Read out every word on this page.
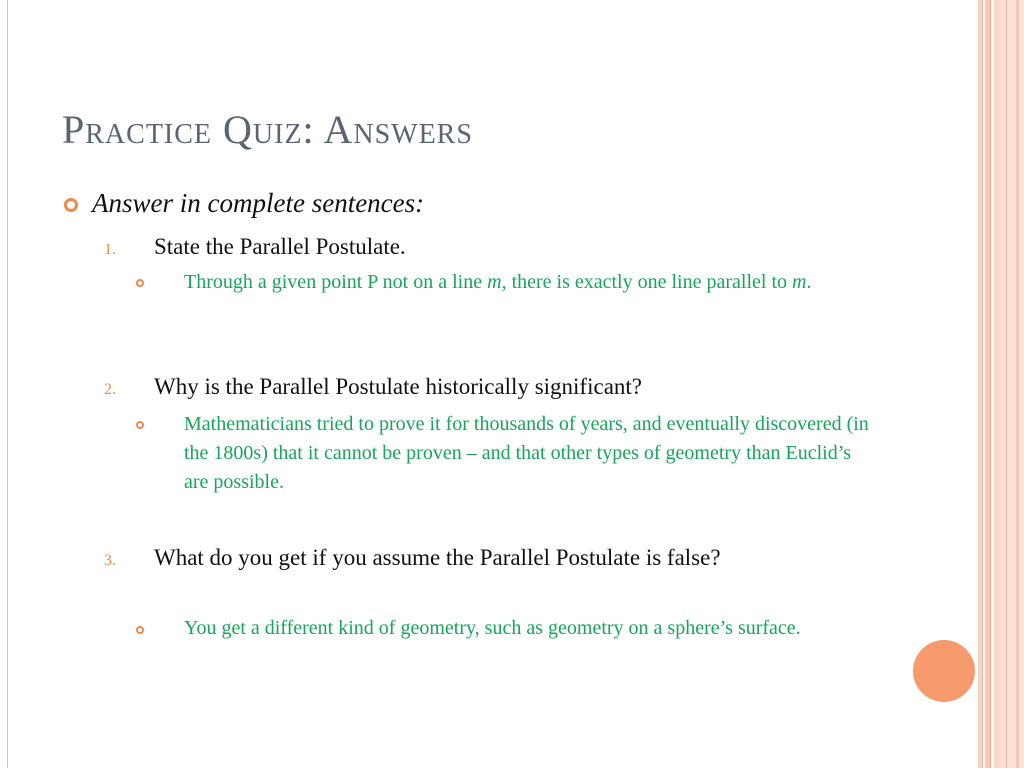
Practice Quiz: Answers
Answer in complete sentences:
1. State the Parallel Postulate.
Through a given point P not on a line m, there is exactly one line parallel to m.
2. Why is the Parallel Postulate historically significant?
Mathematicians tried to prove it for thousands of years, and eventually discovered (in the 1800s) that it cannot be proven – and that other types of geometry than Euclid’s are possible.
3. What do you get if you assume the Parallel Postulate is false?
You get a different kind of geometry, such as geometry on a sphere’s surface.
